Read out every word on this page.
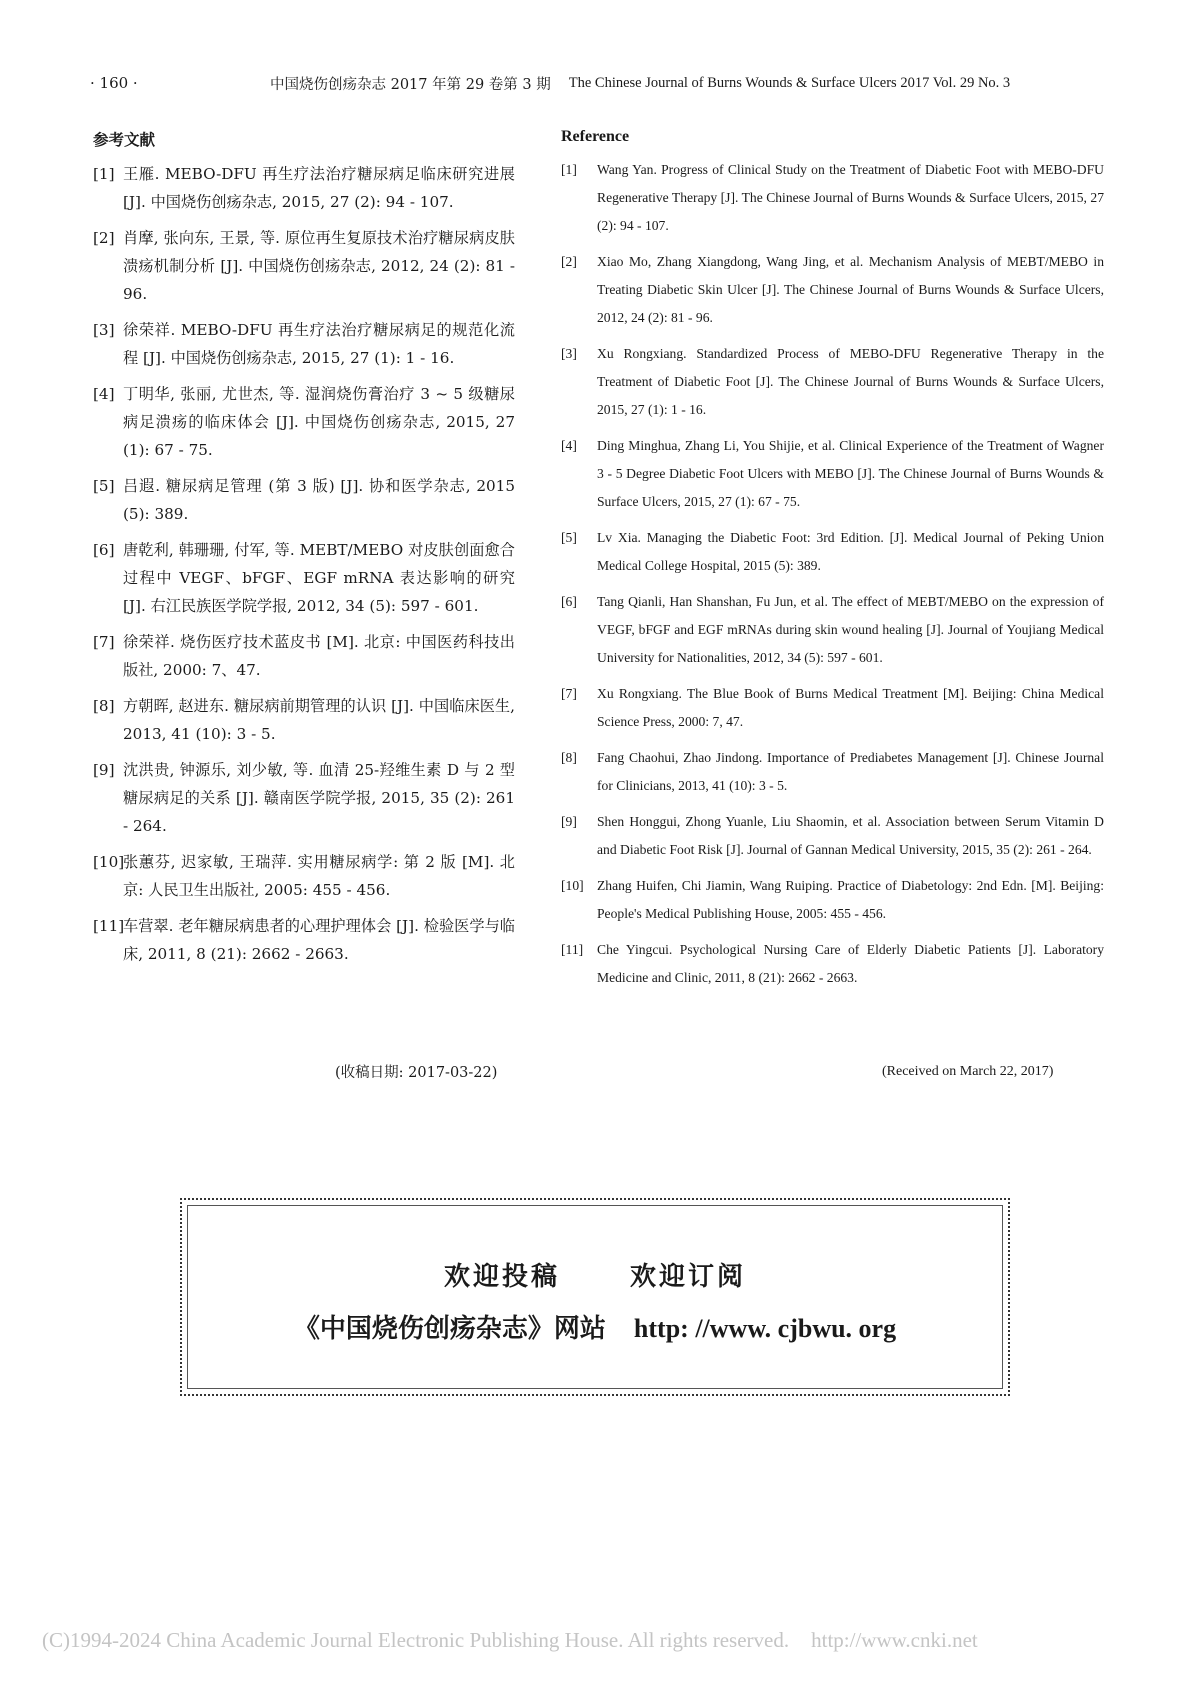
· 160 ·	中国烧伤创疡杂志 2017 年第 29 卷第 3 期 The Chinese Journal of Burns Wounds & Surface Ulcers 2017 Vol. 29 No. 3
参考文献
[1] 王雁. MEBO-DFU 再生疗法治疗糖尿病足临床研究进展 [J]. 中国烧伤创疡杂志, 2015, 27 (2): 94 - 107.
[2] 肖摩, 张向东, 王景, 等. 原位再生复原技术治疗糖尿病皮肤溃疡机制分析 [J]. 中国烧伤创疡杂志, 2012, 24 (2): 81 - 96.
[3] 徐荣祥. MEBO-DFU 再生疗法治疗糖尿病足的规范化流程 [J]. 中国烧伤创疡杂志, 2015, 27 (1): 1 - 16.
[4] 丁明华, 张丽, 尤世杰, 等. 湿润烧伤膏治疗 3 ~ 5 级糖尿病足溃疡的临床体会 [J]. 中国烧伤创疡杂志, 2015, 27 (1): 67 - 75.
[5] 吕遐. 糖尿病足管理 (第 3 版) [J]. 协和医学杂志, 2015 (5): 389.
[6] 唐乾利, 韩珊珊, 付军, 等. MEBT/MEBO 对皮肤创面愈合过程中 VEGF、bFGF、EGF mRNA 表达影响的研究 [J]. 右江民族医学院学报, 2012, 34 (5): 597 - 601.
[7] 徐荣祥. 烧伤医疗技术蓝皮书 [M]. 北京: 中国医药科技出版社, 2000: 7、47.
[8] 方朝晖, 赵进东. 糖尿病前期管理的认识 [J]. 中国临床医生, 2013, 41 (10): 3 - 5.
[9] 沈洪贵, 钟源乐, 刘少敏, 等. 血清 25-羟维生素 D 与 2 型糖尿病足的关系 [J]. 赣南医学院学报, 2015, 35 (2): 261 - 264.
[10]
张蕙芬, 迟家敏, 王瑞萍. 实用糖尿病学: 第 2 版 [M]. 北京: 人民卫生出版社, 2005: 455 - 456.
[11]
车营翠. 老年糖尿病患者的心理护理体会 [J]. 检验医学与临床, 2011, 8 (21): 2662 - 2663.
Reference
[1]	Wang Yan. Progress of Clinical Study on the Treatment of Diabetic Foot with MEBO-DFU Regenerative Therapy [J]. The Chinese Journal of Burns Wounds & Surface Ulcers, 2015, 27 (2): 94 - 107.
[2]	Xiao Mo, Zhang Xiangdong, Wang Jing, et al. Mechanism Analysis of MEBT/MEBO in Treating Diabetic Skin Ulcer [J]. The Chinese Journal of Burns Wounds & Surface Ulcers, 2012, 24 (2): 81 - 96.
[3]	Xu Rongxiang. Standardized Process of MEBO-DFU Regenerative Therapy in the Treatment of Diabetic Foot [J]. The Chinese Journal of Burns Wounds & Surface Ulcers, 2015, 27 (1): 1 - 16.
[4]	Ding Minghua, Zhang Li, You Shijie, et al. Clinical Experience of the Treatment of Wagner 3 - 5 Degree Diabetic Foot Ulcers with MEBO [J]. The Chinese Journal of Burns Wounds & Surface Ulcers, 2015, 27 (1): 67 - 75.
[5]	Lv Xia. Managing the Diabetic Foot: 3rd Edition. [J]. Medical Journal of Peking Union Medical College Hospital, 2015 (5): 389.
[6]	Tang Qianli, Han Shanshan, Fu Jun, et al. The effect of MEBT/MEBO on the expression of VEGF, bFGF and EGF mRNAs during skin wound healing [J]. Journal of Youjiang Medical University for Nationalities, 2012, 34 (5): 597 - 601.
[7]	Xu Rongxiang. The Blue Book of Burns Medical Treatment [M]. Beijing: China Medical Science Press, 2000: 7, 47.
[8]	Fang Chaohui, Zhao Jindong. Importance of Prediabetes Management [J]. Chinese Journal for Clinicians, 2013, 41 (10): 3 - 5.
[9]	Shen Honggui, Zhong Yuanle, Liu Shaomin, et al. Association between Serum Vitamin D and Diabetic Foot Risk [J]. Journal of Gannan Medical University, 2015, 35 (2): 261 - 264.
[10] Zhang Huifen, Chi Jiamin, Wang Ruiping. Practice of Diabetology: 2nd Edn. [M]. Beijing: People's Medical Publishing House, 2005: 455 - 456.
[11]	Che Yingcui. Psychological Nursing Care of Elderly Diabetic Patients [J]. Laboratory Medicine and Clinic, 2011, 8 (21): 2662 - 2663.
(收稿日期: 2017-03-22)	(Received on March 22, 2017)
欢迎投稿	欢迎订阅
《中国烧伤创疡杂志》网站 http: //www. cjbwu. org
(C)1994-2024 China Academic Journal Electronic Publishing House. All rights reserved. http://www.cnki.net
